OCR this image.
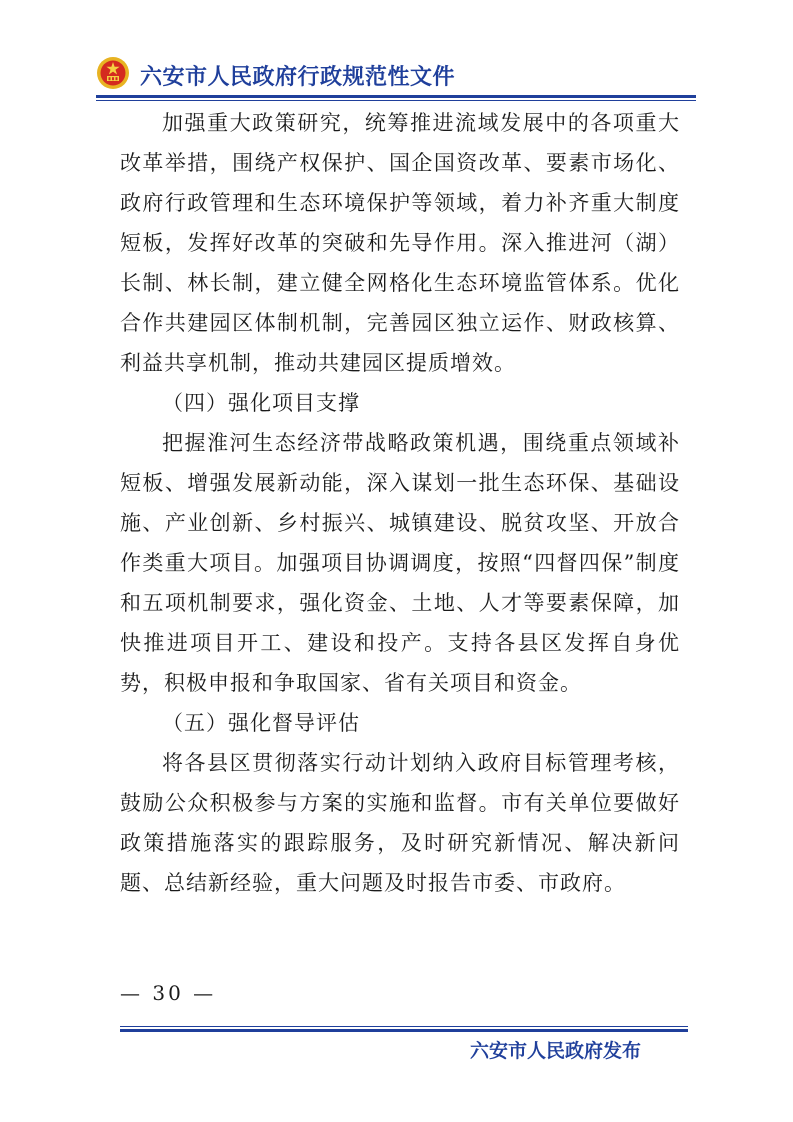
六安市人民政府行政规范性文件

加强重大政策研究，统筹推进流域发展中的各项重大改革举措，围绕产权保护、国企国资改革、要素市场化、政府行政管理和生态环境保护等领域，着力补齐重大制度短板，发挥好改革的突破和先导作用。深入推进河（湖）长制、林长制，建立健全网格化生态环境监管体系。优化合作共建园区体制机制，完善园区独立运作、财政核算、利益共享机制，推动共建园区提质增效。

（四）强化项目支撑

把握淮河生态经济带战略政策机遇，围绕重点领域补短板、增强发展新动能，深入谋划一批生态环保、基础设施、产业创新、乡村振兴、城镇建设、脱贫攻坚、开放合作类重大项目。加强项目协调调度，按照“四督四保”制度和五项机制要求，强化资金、土地、人才等要素保障，加快推进项目开工、建设和投产。支持各县区发挥自身优势，积极申报和争取国家、省有关项目和资金。

（五）强化督导评估

将各县区贯彻落实行动计划纳入政府目标管理考核，鼓励公众积极参与方案的实施和监督。市有关单位要做好政策措施落实的跟踪服务，及时研究新情况、解决新问题、总结新经验，重大问题及时报告市委、市政府。

— 30 —
六安市人民政府发布
